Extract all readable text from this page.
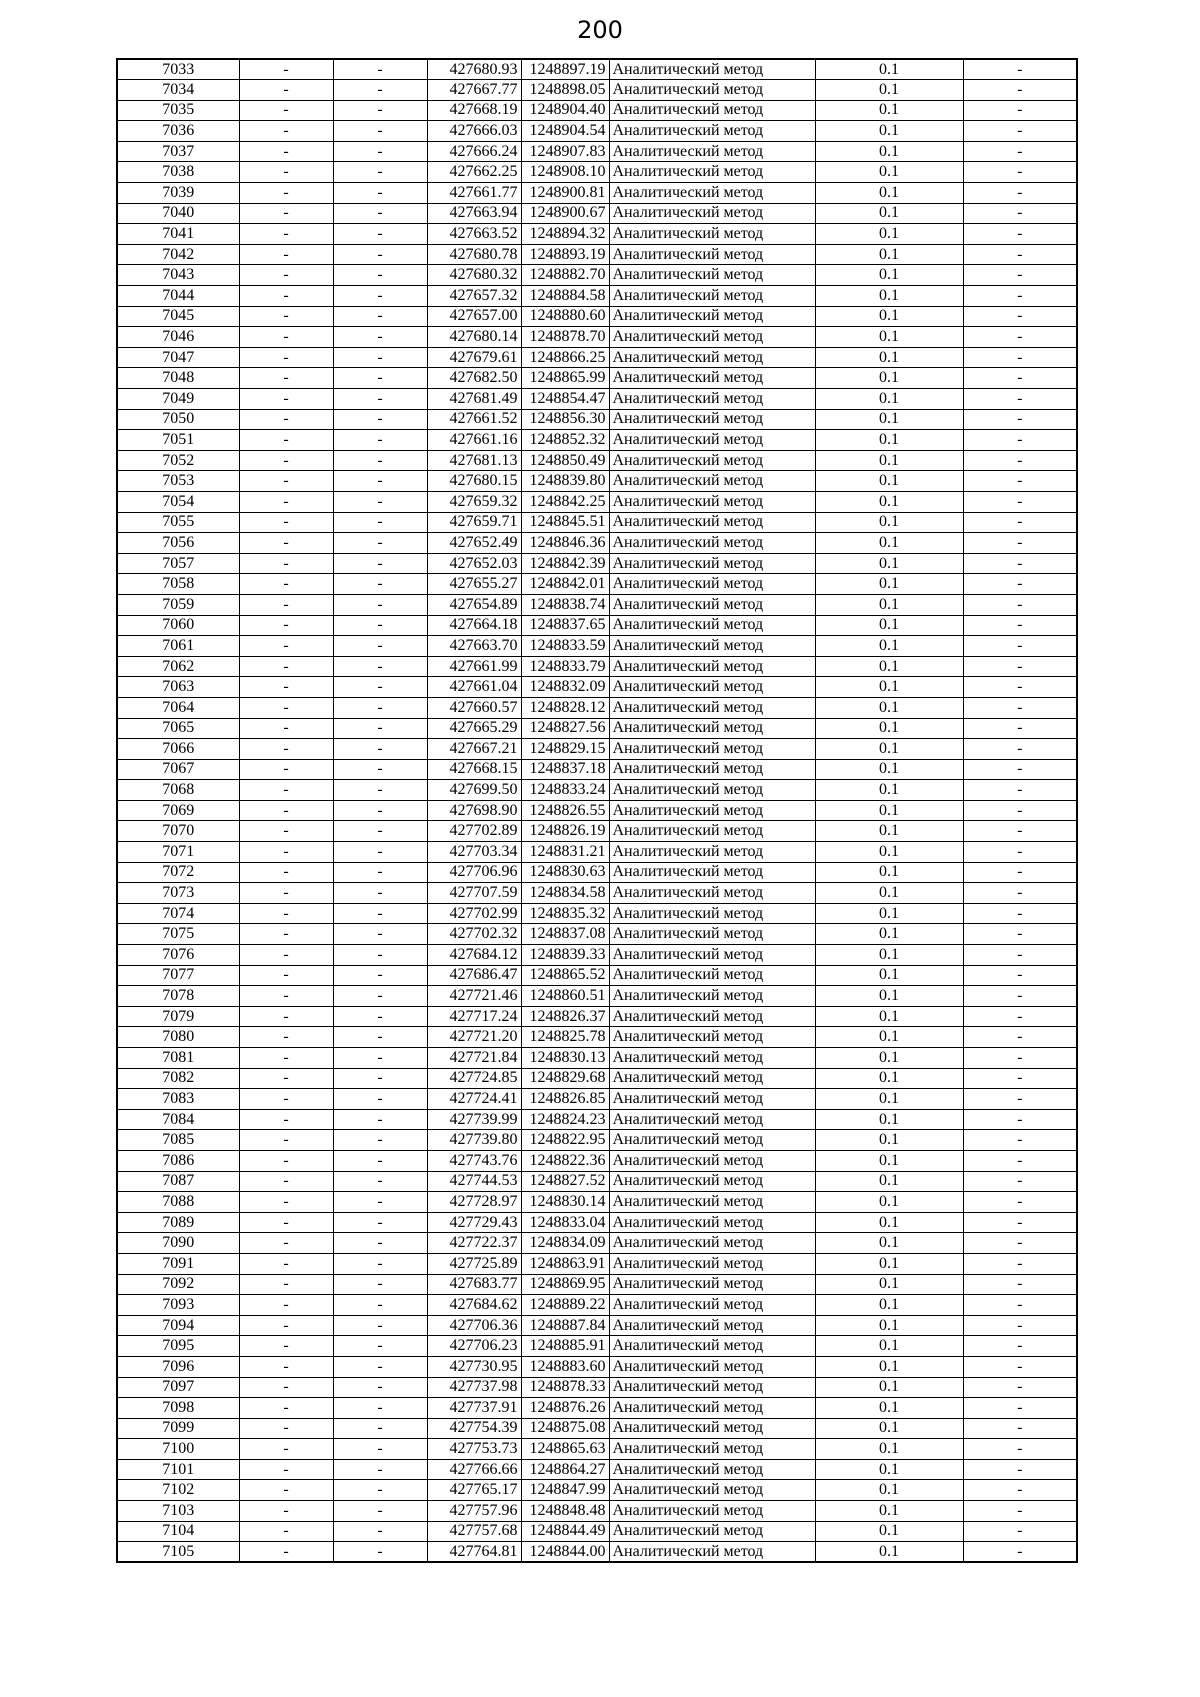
200
7033	-	-	427680.93	1248897.19	Аналитический метод	0.1	-
7034	-	-	427667.77	1248898.05	Аналитический метод	0.1	-
7035	-	-	427668.19	1248904.40	Аналитический метод	0.1	-
7036	-	-	427666.03	1248904.54	Аналитический метод	0.1	-
7037	-	-	427666.24	1248907.83	Аналитический метод	0.1	-
7038	-	-	427662.25	1248908.10	Аналитический метод	0.1	-
7039	-	-	427661.77	1248900.81	Аналитический метод	0.1	-
7040	-	-	427663.94	1248900.67	Аналитический метод	0.1	-
7041	-	-	427663.52	1248894.32	Аналитический метод	0.1	-
7042	-	-	427680.78	1248893.19	Аналитический метод	0.1	-
7043	-	-	427680.32	1248882.70	Аналитический метод	0.1	-
7044	-	-	427657.32	1248884.58	Аналитический метод	0.1	-
7045	-	-	427657.00	1248880.60	Аналитический метод	0.1	-
7046	-	-	427680.14	1248878.70	Аналитический метод	0.1	-
7047	-	-	427679.61	1248866.25	Аналитический метод	0.1	-
7048	-	-	427682.50	1248865.99	Аналитический метод	0.1	-
7049	-	-	427681.49	1248854.47	Аналитический метод	0.1	-
7050	-	-	427661.52	1248856.30	Аналитический метод	0.1	-
7051	-	-	427661.16	1248852.32	Аналитический метод	0.1	-
7052	-	-	427681.13	1248850.49	Аналитический метод	0.1	-
7053	-	-	427680.15	1248839.80	Аналитический метод	0.1	-
7054	-	-	427659.32	1248842.25	Аналитический метод	0.1	-
7055	-	-	427659.71	1248845.51	Аналитический метод	0.1	-
7056	-	-	427652.49	1248846.36	Аналитический метод	0.1	-
7057	-	-	427652.03	1248842.39	Аналитический метод	0.1	-
7058	-	-	427655.27	1248842.01	Аналитический метод	0.1	-
7059	-	-	427654.89	1248838.74	Аналитический метод	0.1	-
7060	-	-	427664.18	1248837.65	Аналитический метод	0.1	-
7061	-	-	427663.70	1248833.59	Аналитический метод	0.1	-
7062	-	-	427661.99	1248833.79	Аналитический метод	0.1	-
7063	-	-	427661.04	1248832.09	Аналитический метод	0.1	-
7064	-	-	427660.57	1248828.12	Аналитический метод	0.1	-
7065	-	-	427665.29	1248827.56	Аналитический метод	0.1	-
7066	-	-	427667.21	1248829.15	Аналитический метод	0.1	-
7067	-	-	427668.15	1248837.18	Аналитический метод	0.1	-
7068	-	-	427699.50	1248833.24	Аналитический метод	0.1	-
7069	-	-	427698.90	1248826.55	Аналитический метод	0.1	-
7070	-	-	427702.89	1248826.19	Аналитический метод	0.1	-
7071	-	-	427703.34	1248831.21	Аналитический метод	0.1	-
7072	-	-	427706.96	1248830.63	Аналитический метод	0.1	-
7073	-	-	427707.59	1248834.58	Аналитический метод	0.1	-
7074	-	-	427702.99	1248835.32	Аналитический метод	0.1	-
7075	-	-	427702.32	1248837.08	Аналитический метод	0.1	-
7076	-	-	427684.12	1248839.33	Аналитический метод	0.1	-
7077	-	-	427686.47	1248865.52	Аналитический метод	0.1	-
7078	-	-	427721.46	1248860.51	Аналитический метод	0.1	-
7079	-	-	427717.24	1248826.37	Аналитический метод	0.1	-
7080	-	-	427721.20	1248825.78	Аналитический метод	0.1	-
7081	-	-	427721.84	1248830.13	Аналитический метод	0.1	-
7082	-	-	427724.85	1248829.68	Аналитический метод	0.1	-
7083	-	-	427724.41	1248826.85	Аналитический метод	0.1	-
7084	-	-	427739.99	1248824.23	Аналитический метод	0.1	-
7085	-	-	427739.80	1248822.95	Аналитический метод	0.1	-
7086	-	-	427743.76	1248822.36	Аналитический метод	0.1	-
7087	-	-	427744.53	1248827.52	Аналитический метод	0.1	-
7088	-	-	427728.97	1248830.14	Аналитический метод	0.1	-
7089	-	-	427729.43	1248833.04	Аналитический метод	0.1	-
7090	-	-	427722.37	1248834.09	Аналитический метод	0.1	-
7091	-	-	427725.89	1248863.91	Аналитический метод	0.1	-
7092	-	-	427683.77	1248869.95	Аналитический метод	0.1	-
7093	-	-	427684.62	1248889.22	Аналитический метод	0.1	-
7094	-	-	427706.36	1248887.84	Аналитический метод	0.1	-
7095	-	-	427706.23	1248885.91	Аналитический метод	0.1	-
7096	-	-	427730.95	1248883.60	Аналитический метод	0.1	-
7097	-	-	427737.98	1248878.33	Аналитический метод	0.1	-
7098	-	-	427737.91	1248876.26	Аналитический метод	0.1	-
7099	-	-	427754.39	1248875.08	Аналитический метод	0.1	-
7100	-	-	427753.73	1248865.63	Аналитический метод	0.1	-
7101	-	-	427766.66	1248864.27	Аналитический метод	0.1	-
7102	-	-	427765.17	1248847.99	Аналитический метод	0.1	-
7103	-	-	427757.96	1248848.48	Аналитический метод	0.1	-
7104	-	-	427757.68	1248844.49	Аналитический метод	0.1	-
7105	-	-	427764.81	1248844.00	Аналитический метод	0.1	-
